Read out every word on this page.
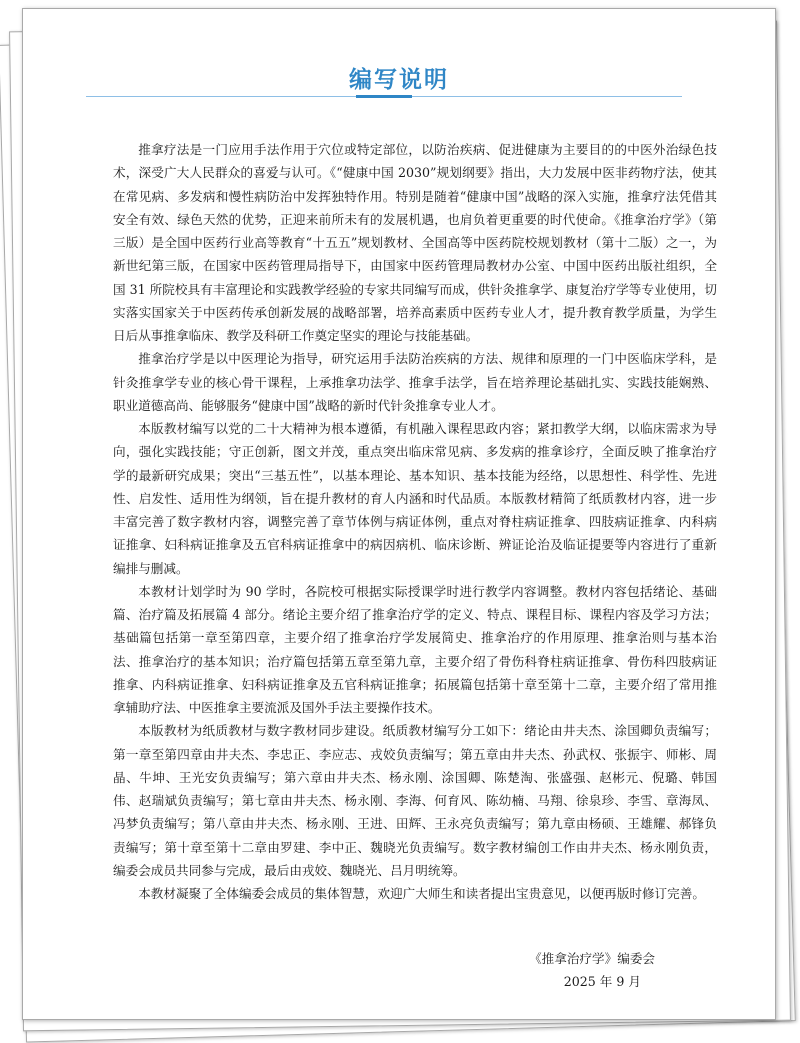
编写说明

推拿疗法是一门应用手法作用于穴位或特定部位，以防治疾病、促进健康为主要目的的中医外治绿色技术，深受广大人民群众的喜爱与认可。《“健康中国 2030”规划纲要》指出，大力发展中医非药物疗法，使其在常见病、多发病和慢性病防治中发挥独特作用。特别是随着“健康中国”战略的深入实施，推拿疗法凭借其安全有效、绿色天然的优势，正迎来前所未有的发展机遇，也肩负着更重要的时代使命。《推拿治疗学》（第三版）是全国中医药行业高等教育“十五五”规划教材、全国高等中医药院校规划教材（第十二版）之一，为新世纪第三版，在国家中医药管理局指导下，由国家中医药管理局教材办公室、中国中医药出版社组织，全国 31 所院校具有丰富理论和实践教学经验的专家共同编写而成，供针灸推拿学、康复治疗学等专业使用，切实落实国家关于中医药传承创新发展的战略部署，培养高素质中医药专业人才，提升教育教学质量，为学生日后从事推拿临床、教学及科研工作奠定坚实的理论与技能基础。

推拿治疗学是以中医理论为指导，研究运用手法防治疾病的方法、规律和原理的一门中医临床学科，是针灸推拿学专业的核心骨干课程，上承推拿功法学、推拿手法学，旨在培养理论基础扎实、实践技能娴熟、职业道德高尚、能够服务“健康中国”战略的新时代针灸推拿专业人才。

本版教材编写以党的二十大精神为根本遵循，有机融入课程思政内容；紧扣教学大纲，以临床需求为导向，强化实践技能；守正创新，图文并茂，重点突出临床常见病、多发病的推拿诊疗，全面反映了推拿治疗学的最新研究成果；突出“三基五性”，以基本理论、基本知识、基本技能为经络，以思想性、科学性、先进性、启发性、适用性为纲领，旨在提升教材的育人内涵和时代品质。本版教材精简了纸质教材内容，进一步丰富完善了数字教材内容，调整完善了章节体例与病证体例，重点对脊柱病证推拿、四肢病证推拿、内科病证推拿、妇科病证推拿及五官科病证推拿中的病因病机、临床诊断、辨证论治及临证提要等内容进行了重新编排与删减。

本教材计划学时为 90 学时，各院校可根据实际授课学时进行教学内容调整。教材内容包括绪论、基础篇、治疗篇及拓展篇 4 部分。绪论主要介绍了推拿治疗学的定义、特点、课程目标、课程内容及学习方法；基础篇包括第一章至第四章，主要介绍了推拿治疗学发展简史、推拿治疗的作用原理、推拿治则与基本治法、推拿治疗的基本知识；治疗篇包括第五章至第九章，主要介绍了骨伤科脊柱病证推拿、骨伤科四肢病证推拿、内科病证推拿、妇科病证推拿及五官科病证推拿；拓展篇包括第十章至第十二章，主要介绍了常用推拿辅助疗法、中医推拿主要流派及国外手法主要操作技术。

本版教材为纸质教材与数字教材同步建设。纸质教材编写分工如下：绪论由井夫杰、涂国卿负责编写；第一章至第四章由井夫杰、李忠正、李应志、戎姣负责编写；第五章由井夫杰、孙武权、张振宇、师彬、周晶、牛坤、王光安负责编写；第六章由井夫杰、杨永刚、涂国卿、陈楚淘、张盛强、赵彬元、倪璐、韩国伟、赵瑞斌负责编写；第七章由井夫杰、杨永刚、李海、何育风、陈幼楠、马翔、徐泉珍、李雪、章海凤、冯梦负责编写；第八章由井夫杰、杨永刚、王进、田辉、王永亮负责编写；第九章由杨硕、王雄耀、郝锋负责编写；第十章至第十二章由罗建、李中正、魏晓光负责编写。数字教材编创工作由井夫杰、杨永刚负责，编委会成员共同参与完成，最后由戎姣、魏晓光、吕月明统筹。

本教材凝聚了全体编委会成员的集体智慧，欢迎广大师生和读者提出宝贵意见，以便再版时修订完善。

《推拿治疗学》编委会
2025 年 9 月
